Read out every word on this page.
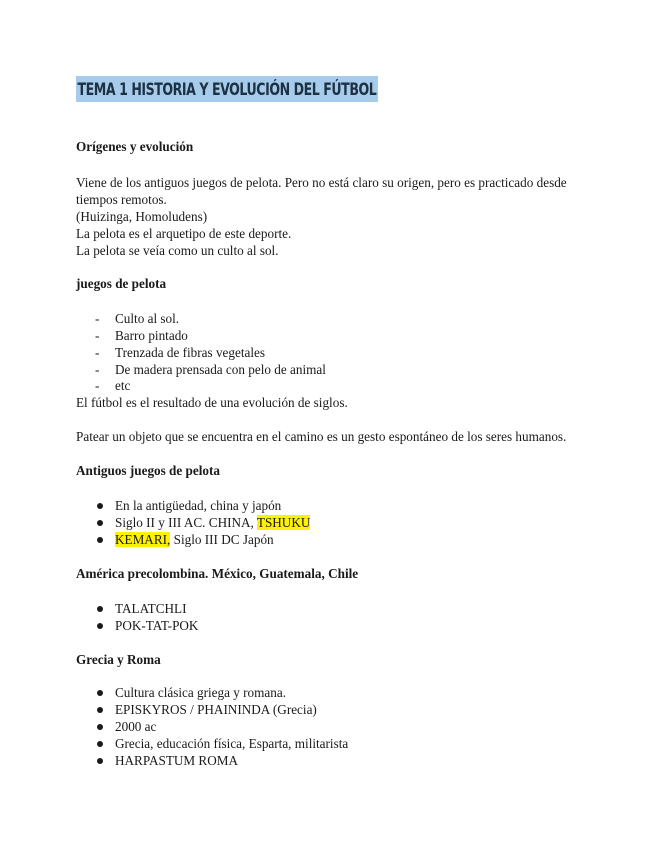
TEMA 1 HISTORIA Y EVOLUCIÓN DEL FÚTBOL
Orígenes y evolución
Viene de los antiguos juegos de pelota. Pero no está claro su origen, pero es practicado desde
tiempos remotos.
(Huizinga, Homoludens)
La pelota es el arquetipo de este deporte.
La pelota se veía como un culto al sol.
juegos de pelota
- Culto al sol.
- Barro pintado
- Trenzada de fibras vegetales
- De madera prensada con pelo de animal
- etc
El fútbol es el resultado de una evolución de siglos.
Patear un objeto que se encuentra en el camino es un gesto espontáneo de los seres humanos.
Antiguos juegos de pelota
En la antigüedad, china y japón
Siglo II y III AC. CHINA, TSHUKU
KEMARI, Siglo III DC Japón
América precolombina. México, Guatemala, Chile
TALATCHLI
POK-TAT-POK
Grecia y Roma
Cultura clásica griega y romana.
EPISKYROS / PHAININDA (Grecia)
2000 ac
Grecia, educación física, Esparta, militarista
HARPASTUM ROMA
